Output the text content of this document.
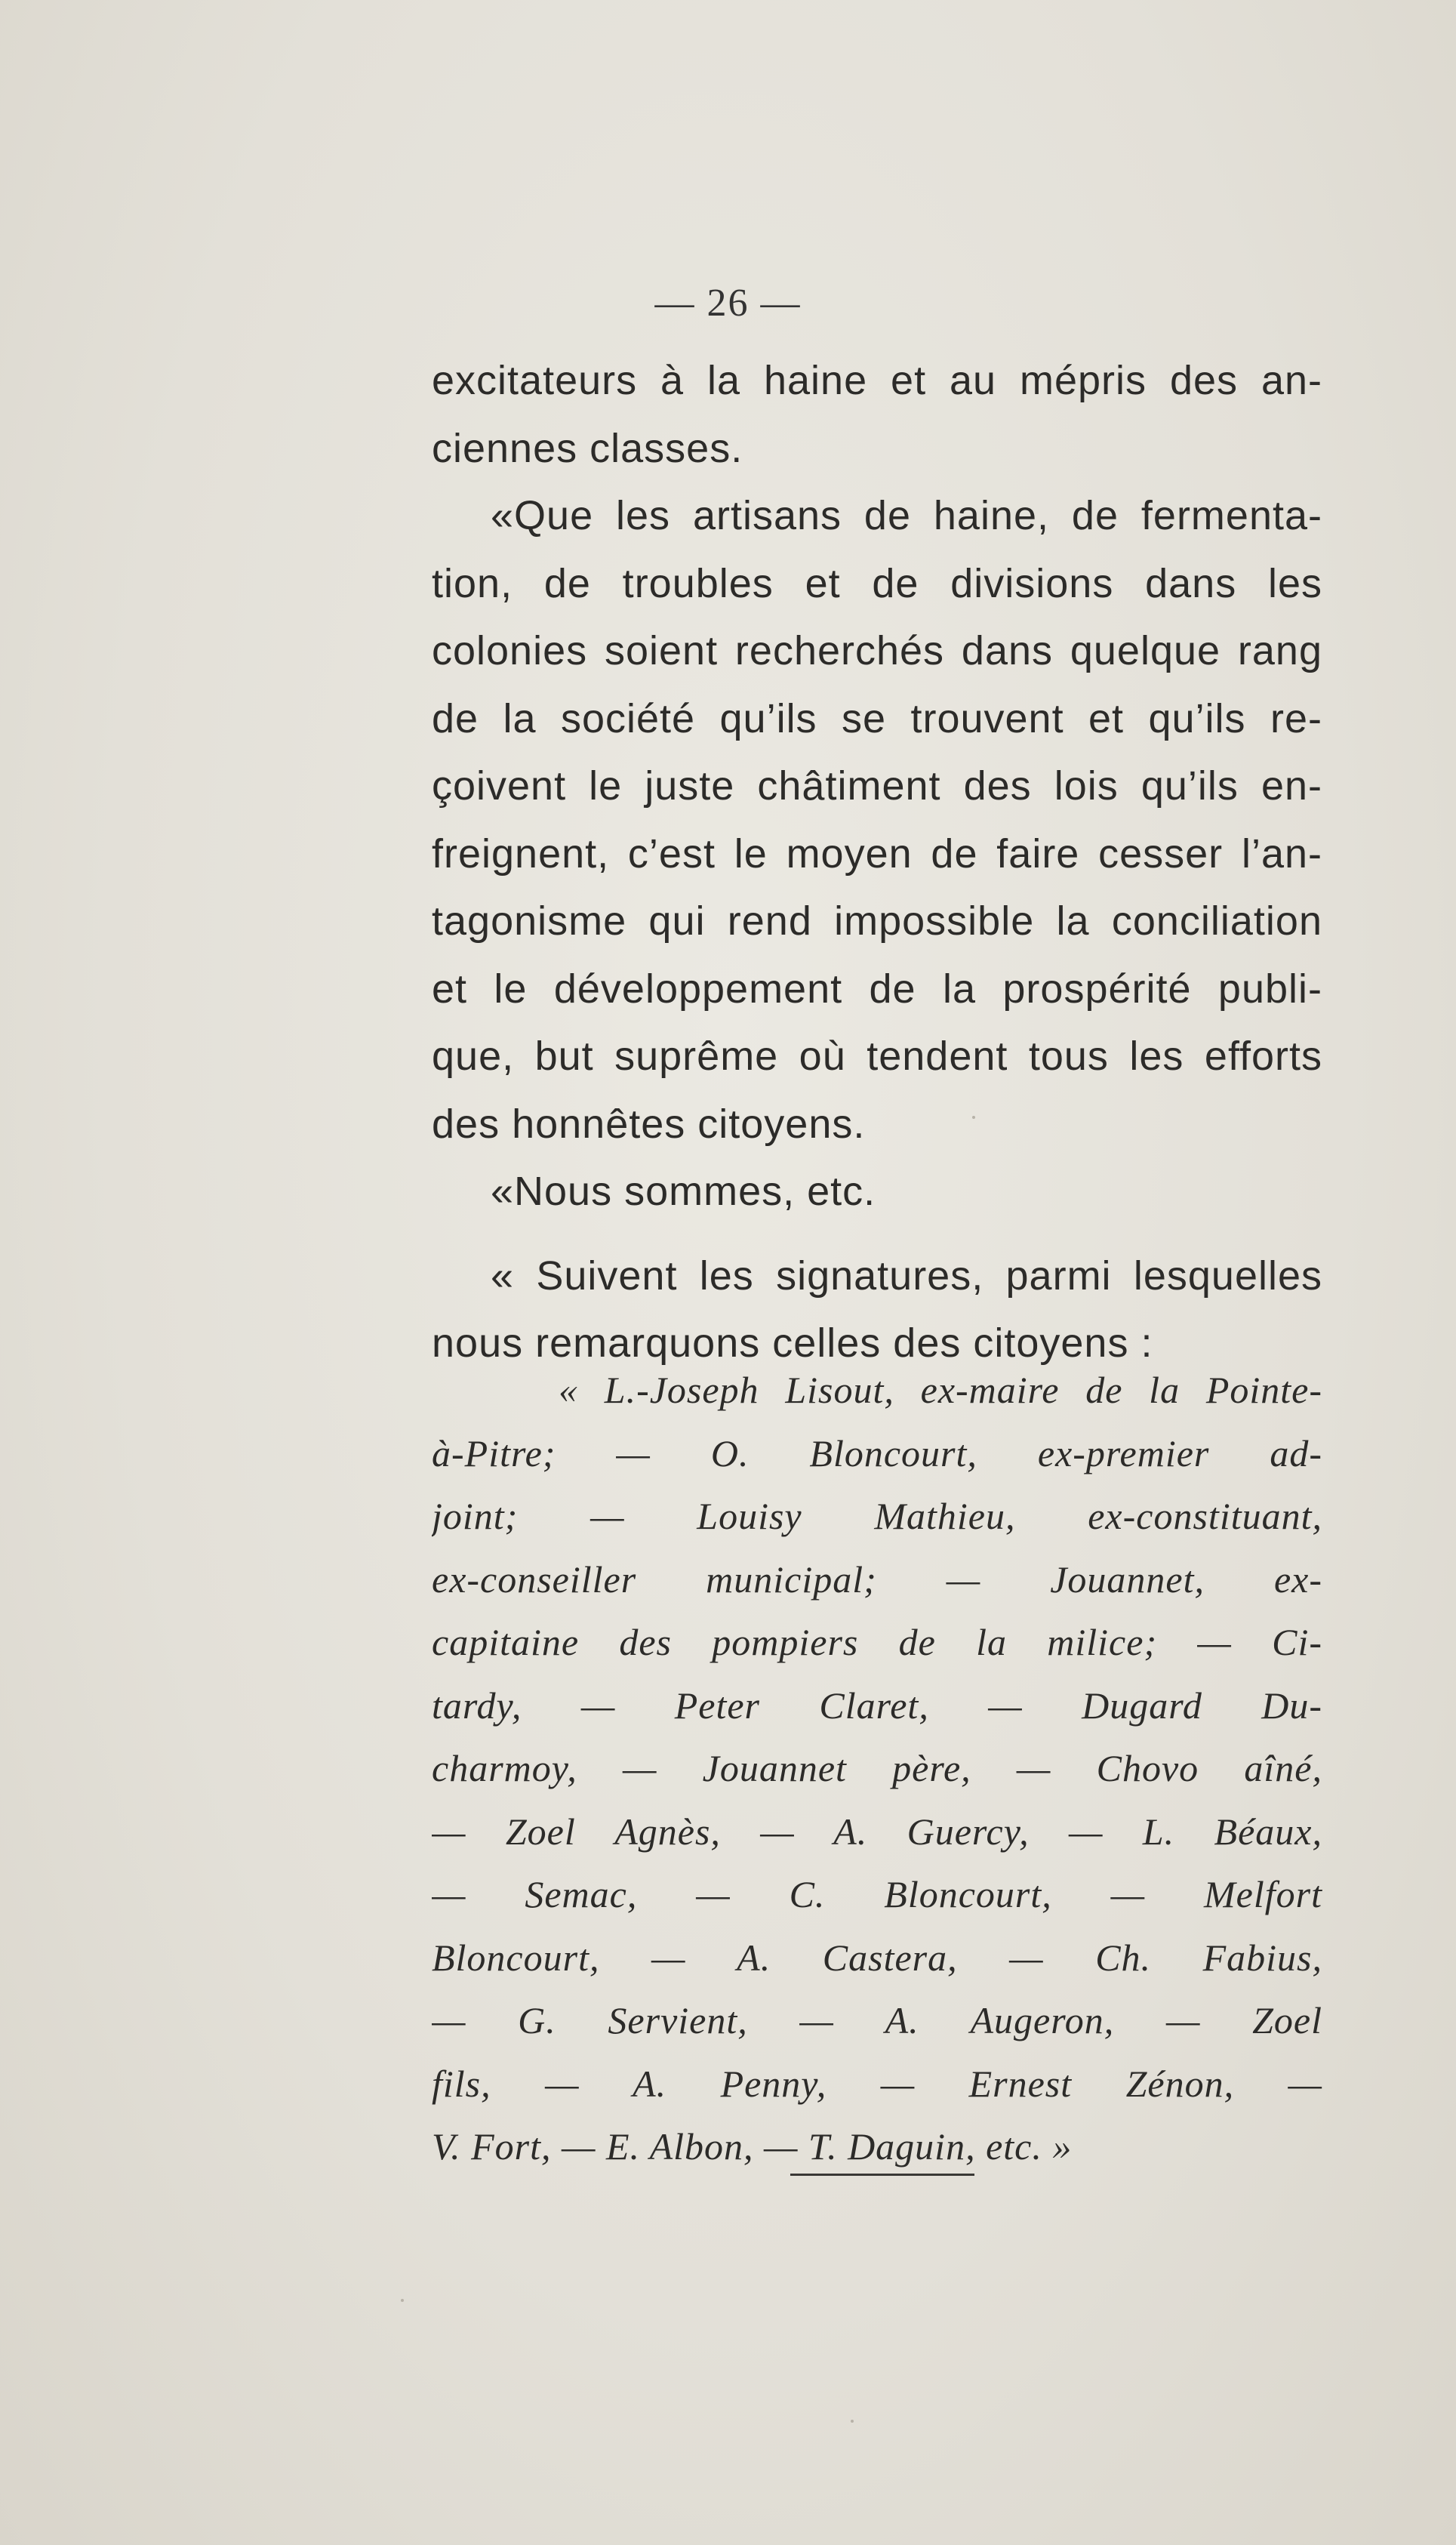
— 26 —
excitateurs à la haine et au mépris des an-
ciennes classes.
«Que les artisans de haine, de fermenta-
tion, de troubles et de divisions dans les
colonies soient recherchés dans quelque rang
de la société qu’ils se trouvent et qu’ils re-
çoivent le juste châtiment des lois qu’ils en-
freignent, c’est le moyen de faire cesser l’an-
tagonisme qui rend impossible la conciliation
et le développement de la prospérité publi-
que, but suprême où tendent tous les efforts
des honnêtes citoyens.
«Nous sommes, etc.
« Suivent les signatures, parmi lesquelles
nous remarquons celles des citoyens :
« L.-Joseph Lisout, ex-maire de la Pointe-
à-Pitre; — O. Bloncourt, ex-premier ad-
joint; — Louisy Mathieu, ex-constituant,
ex-conseiller municipal; — Jouannet, ex-
capitaine des pompiers de la milice; — Ci-
tardy, — Peter Claret, — Dugard Du-
charmoy, — Jouannet père, — Chovo aîné,
— Zoel Agnès, — A. Guercy, — L. Béaux,
— Semac, — C. Bloncourt, — Melfort
Bloncourt, — A. Castera, — Ch. Fabius,
— G. Servient, — A. Augeron, — Zoel
fils, — A. Penny, — Ernest Zénon, —
V. Fort, — E. Albon, — T. Daguin, etc. »
